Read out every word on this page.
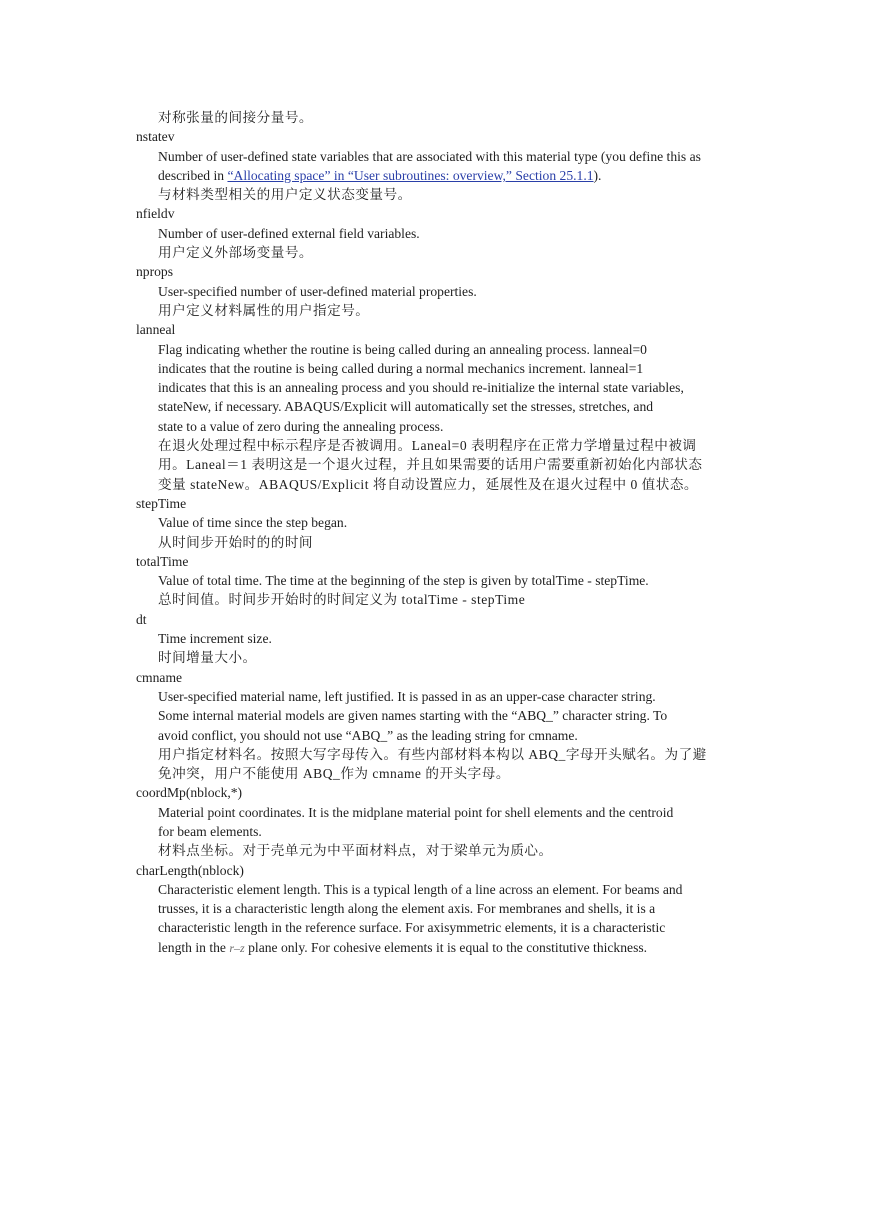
对称张量的间接分量号。
nstatev
Number of user-defined state variables that are associated with this material type (you define this as described in “Allocating space” in “User subroutines: overview,” Section 25.1.1).
与材料类型相关的用户定义状态变量号。
nfieldv
Number of user-defined external field variables.
用户定义外部场变量号。
nprops
User-specified number of user-defined material properties.
用户定义材料属性的用户指定号。
lanneal
Flag indicating whether the routine is being called during an annealing process. lanneal=0
indicates that the routine is being called during a normal mechanics increment. lanneal=1
indicates that this is an annealing process and you should re-initialize the internal state variables,
stateNew, if necessary. ABAQUS/Explicit will automatically set the stresses, stretches, and
state to a value of zero during the annealing process.
在退火处理过程中标示程序是否被调用。Laneal=0 表明程序在正常力学增量过程中被调
用。Laneal＝1 表明这是一个退火过程，并且如果需要的话用户需要重新初始化内部状态
变量 stateNew。ABAQUS/Explicit 将自动设置应力，延展性及在退火过程中 0 值状态。
stepTime
Value of time since the step began.
从时间步开始时的的时间
totalTime
Value of total time. The time at the beginning of the step is given by totalTime - stepTime.
总时间值。时间步开始时的时间定义为 totalTime - stepTime
dt
Time increment size.
时间增量大小。
cmname
User-specified material name, left justified. It is passed in as an upper-case character string.
Some internal material models are given names starting with the “ABQ_” character string. To
avoid conflict, you should not use “ABQ_” as the leading string for cmname.
用户指定材料名。按照大写字母传入。有些内部材料本构以 ABQ_字母开头赋名。为了避
免冲突，用户不能使用 ABQ_作为 cmname 的开头字母。
coordMp(nblock,*)
Material point coordinates. It is the midplane material point for shell elements and the centroid
for beam elements.
材料点坐标。对于壳单元为中平面材料点，对于梁单元为质心。
charLength(nblock)
Characteristic element length. This is a typical length of a line across an element. For beams and
trusses, it is a characteristic length along the element axis. For membranes and shells, it is a
characteristic length in the reference surface. For axisymmetric elements, it is a characteristic
length in the r–z plane only. For cohesive elements it is equal to the constitutive thickness.
